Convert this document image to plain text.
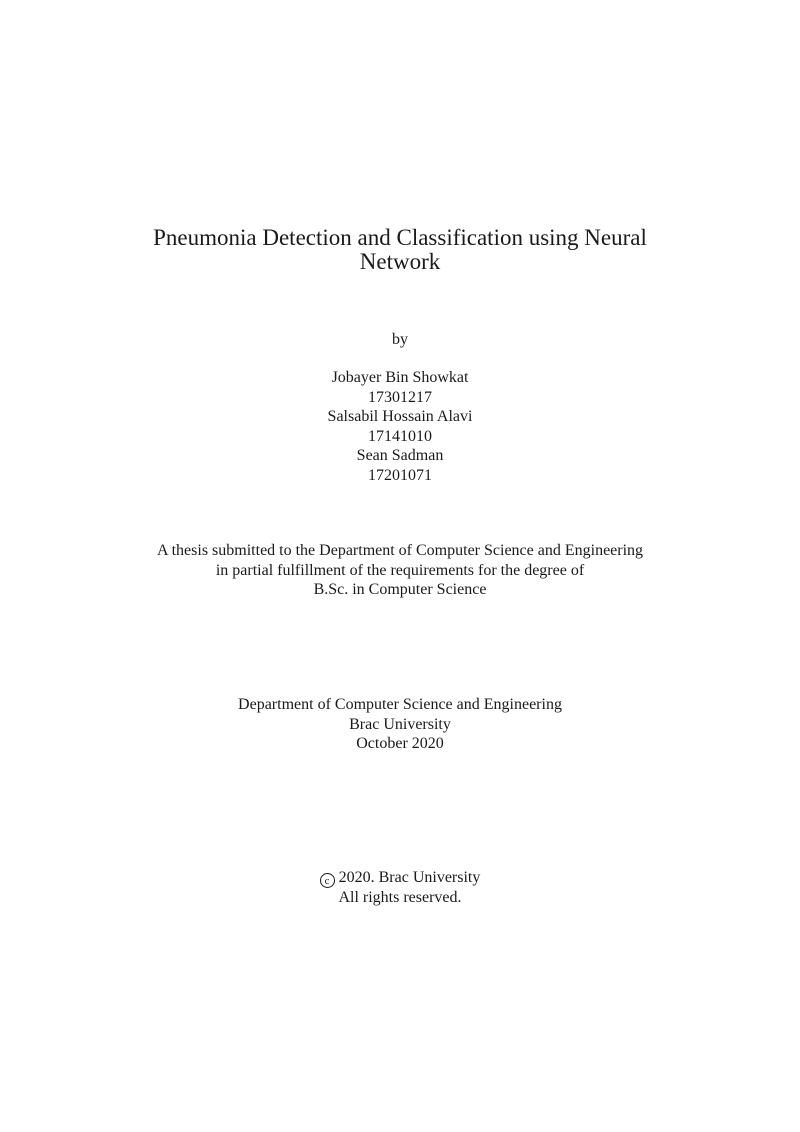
Pneumonia Detection and Classification using Neural
Network
by
Jobayer Bin Showkat
17301217
Salsabil Hossain Alavi
17141010
Sean Sadman
17201071
A thesis submitted to the Department of Computer Science and Engineering
in partial fulfillment of the requirements for the degree of
B.Sc. in Computer Science
Department of Computer Science and Engineering
Brac University
October 2020
c 2020. Brac University
All rights reserved.
